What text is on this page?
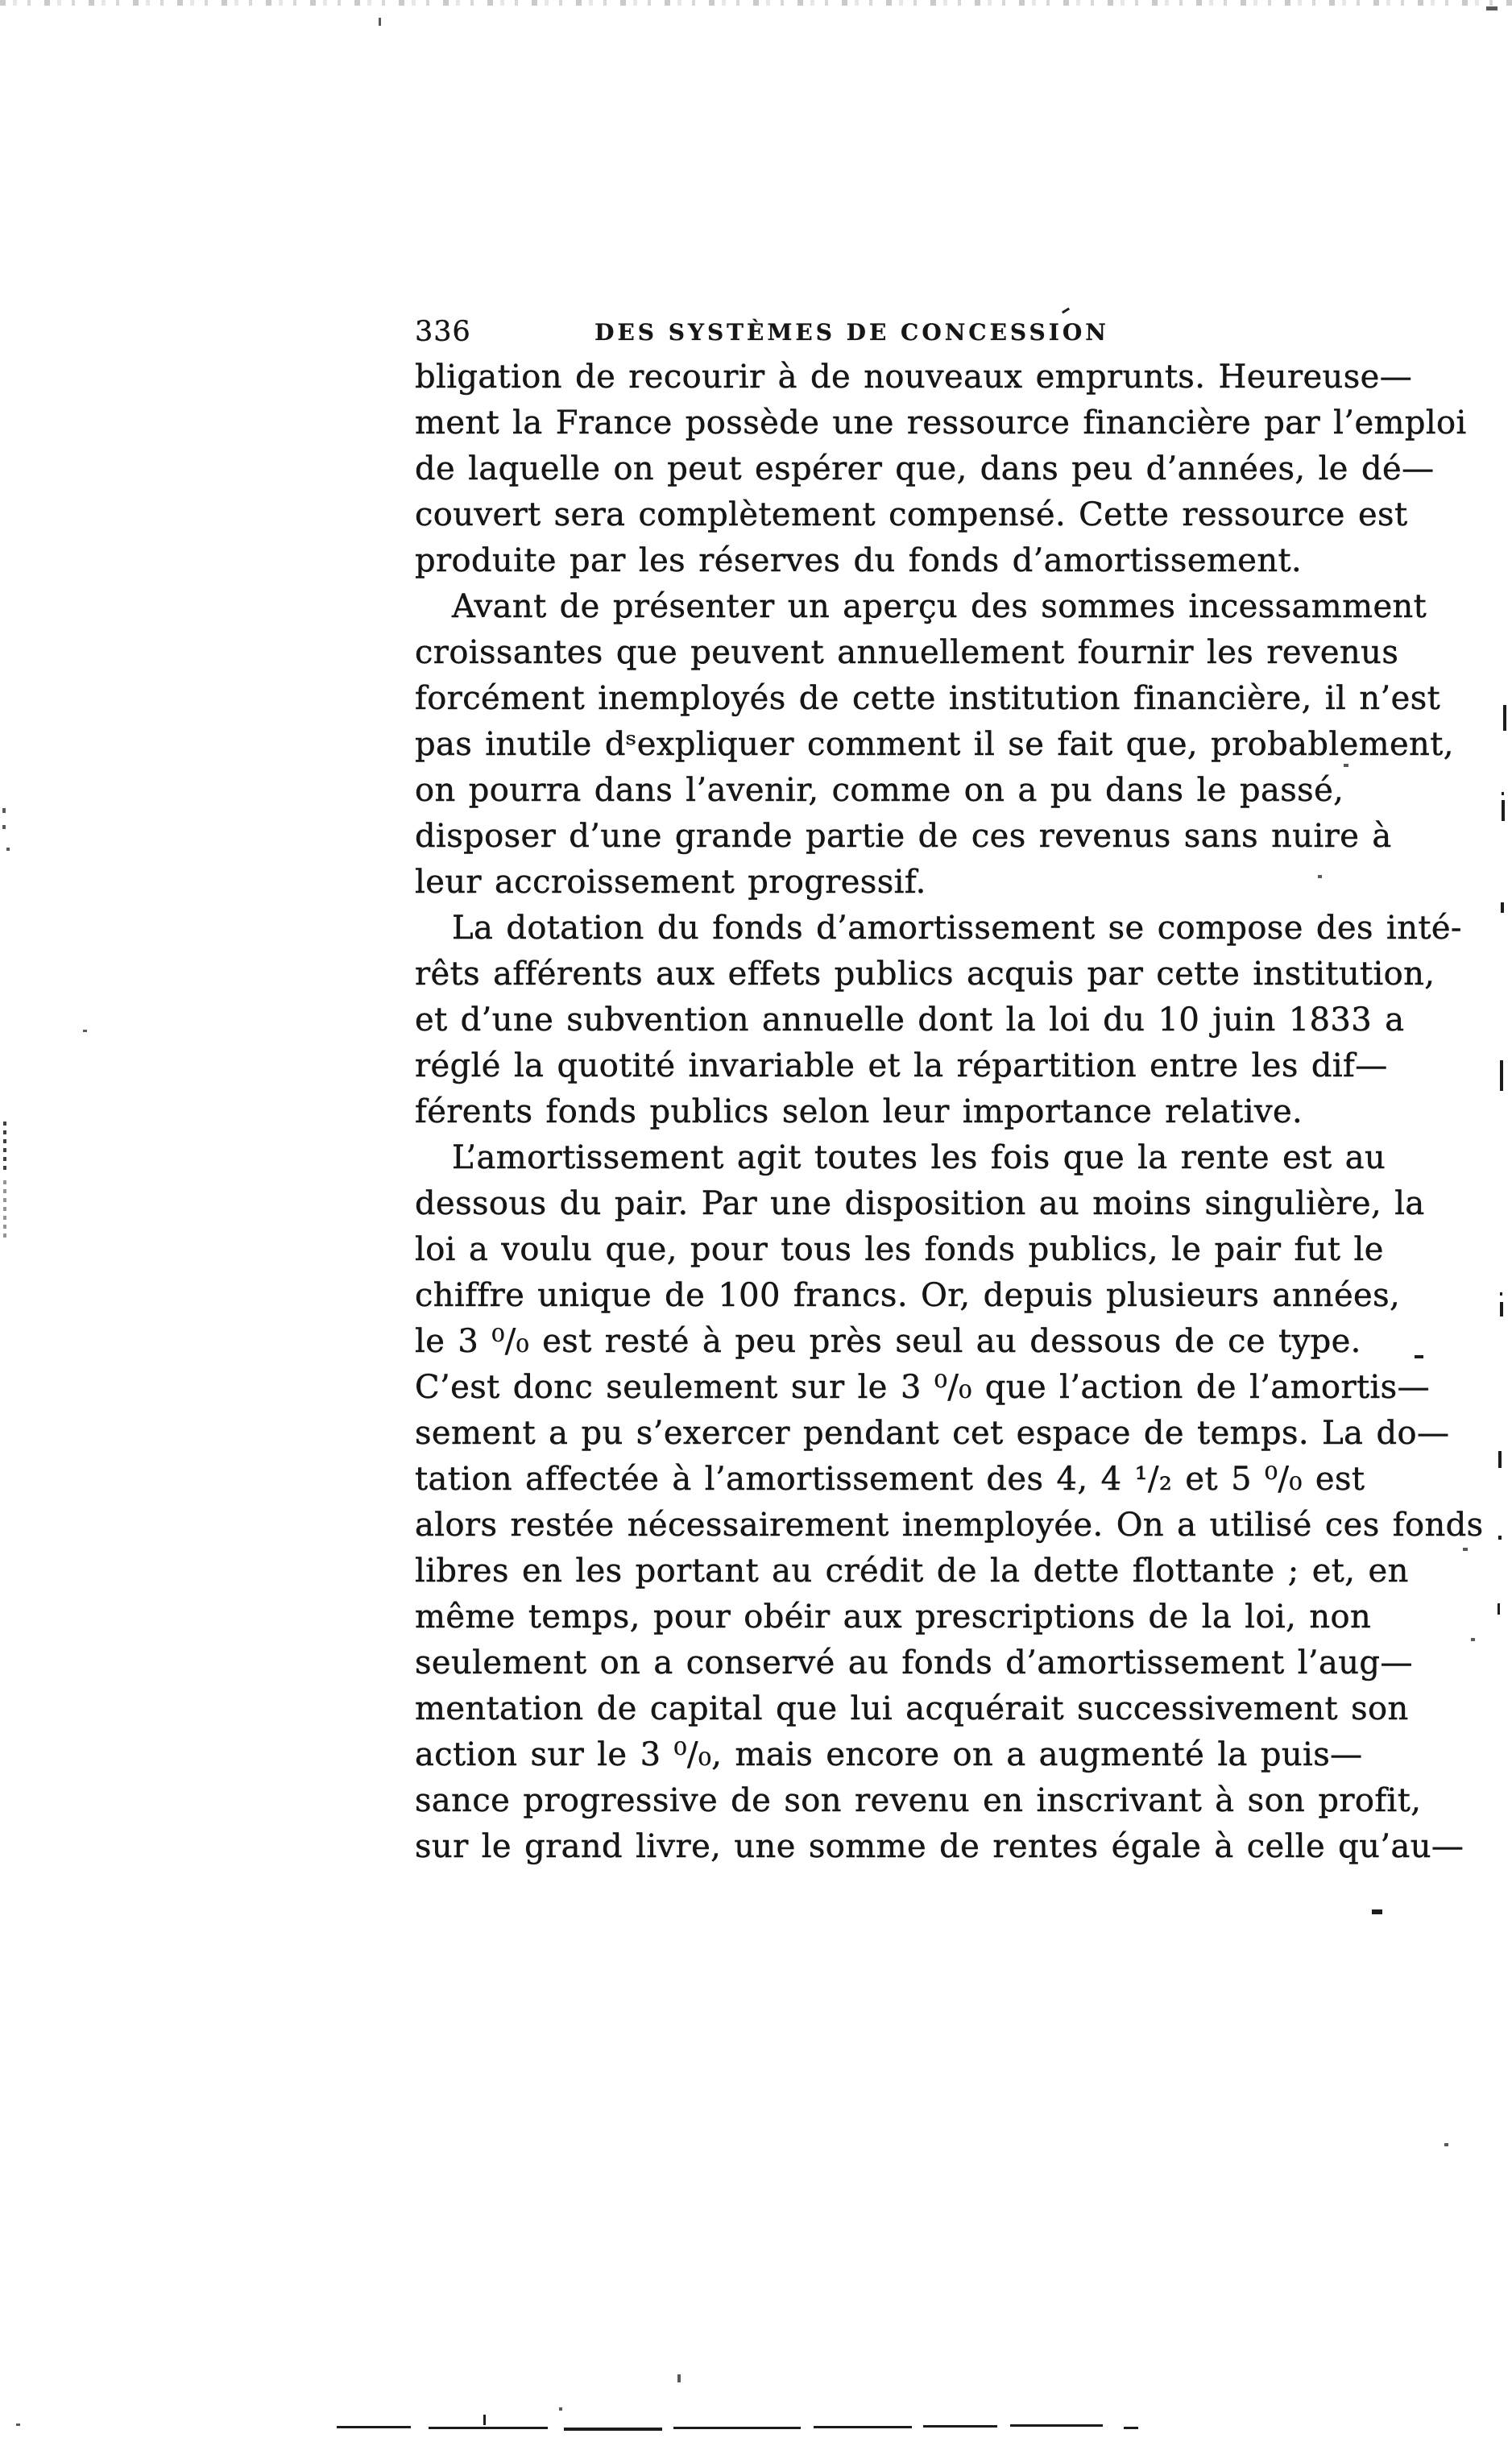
336	DES SYSTÈMES DE CONCESSION
bligation de recourir à de nouveaux emprunts. Heureuse—
ment la France possède une ressource financière par l’emploi
de laquelle on peut espérer que, dans peu d’années, le dé—
couvert sera complètement compensé. Cette ressource est
produite par les réserves du fonds d’amortissement.
Avant de présenter un aperçu des sommes incessamment
croissantes que peuvent annuellement fournir les revenus
forcément inemployés de cette institution financière, il n’est
pas inutile dˢexpliquer comment il se fait que, probablement,
on pourra dans l’avenir, comme on a pu dans le passé,
disposer d’une grande partie de ces revenus sans nuire à
leur accroissement progressif.
La dotation du fonds d’amortissement se compose des inté-
rêts afférents aux effets publics acquis par cette institution,
et d’une subvention annuelle dont la loi du 10 juin 1833 a
réglé la quotité invariable et la répartition entre les dif—
férents fonds publics selon leur importance relative.
L’amortissement agit toutes les fois que la rente est au
dessous du pair. Par une disposition au moins singulière, la
loi a voulu que, pour tous les fonds publics, le pair fut le
chiffre unique de 100 francs. Or, depuis plusieurs années,
le 3 ⁰/₀ est resté à peu près seul au dessous de ce type.
C’est donc seulement sur le 3 ⁰/₀ que l’action de l’amortis—
sement a pu s’exercer pendant cet espace de temps. La do—
tation affectée à l’amortissement des 4, 4 ¹/₂ et 5 ⁰/₀ est
alors restée nécessairement inemployée. On a utilisé ces fonds
libres en les portant au crédit de la dette flottante ; et, en
même temps, pour obéir aux prescriptions de la loi, non
seulement on a conservé au fonds d’amortissement l’aug—
mentation de capital que lui acquérait successivement son
action sur le 3 ⁰/₀, mais encore on a augmenté la puis—
sance progressive de son revenu en inscrivant à son profit,
sur le grand livre, une somme de rentes égale à celle qu’au—
